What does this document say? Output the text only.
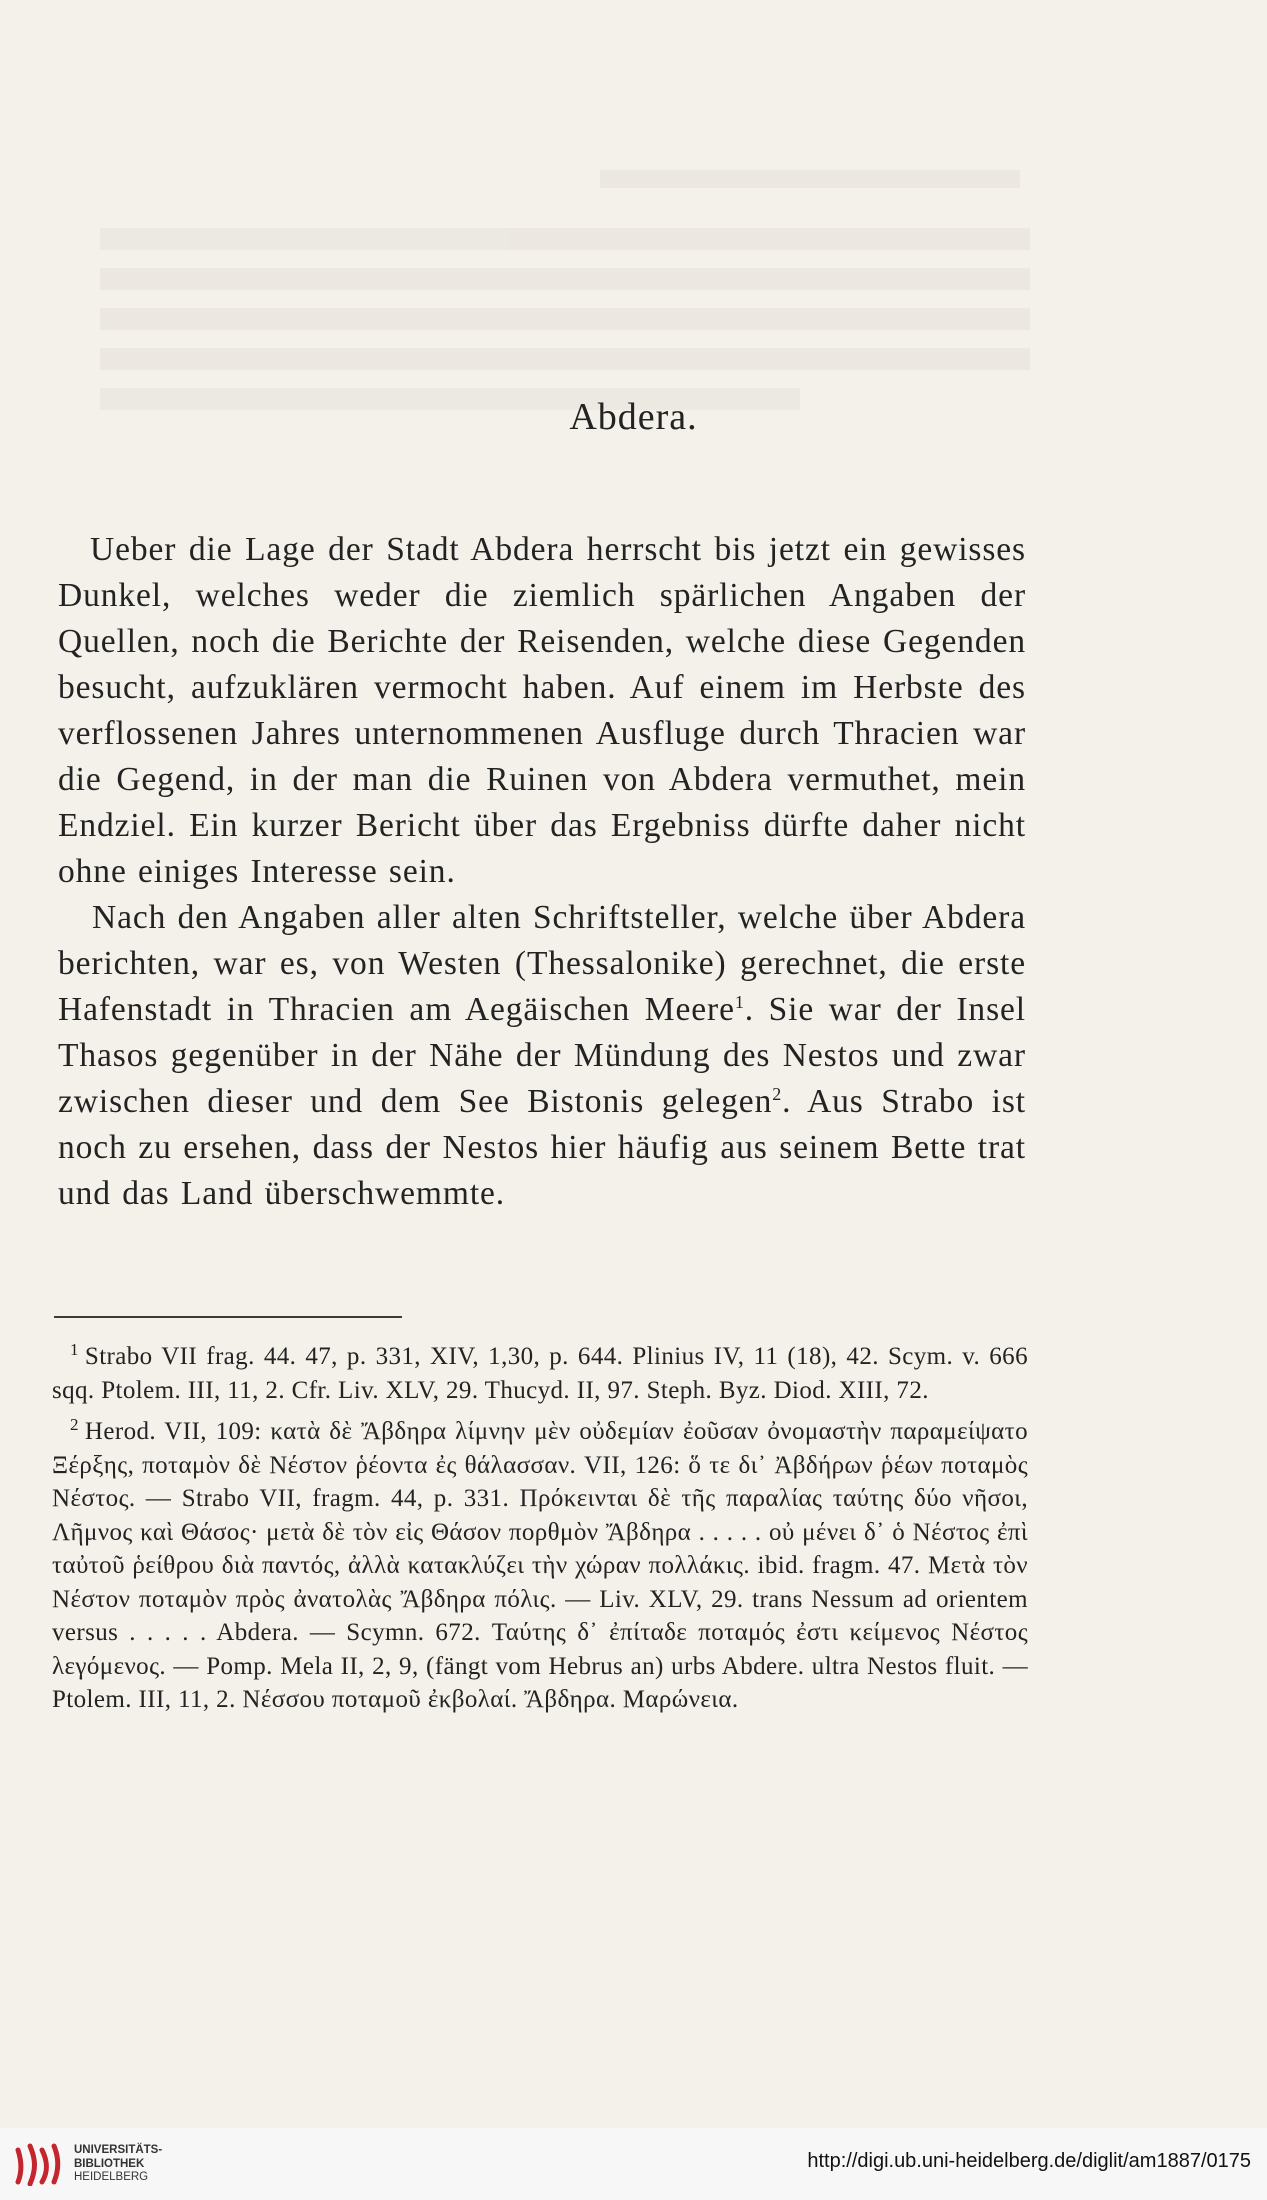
Abdera.

Ueber die Lage der Stadt Abdera herrscht bis jetzt ein gewisses Dunkel, welches weder die ziemlich spärlichen Angaben der Quellen, noch die Berichte der Reisenden, welche diese Gegenden besucht, aufzuklären vermocht haben. Auf einem im Herbste des verflossenen Jahres unternommenen Ausfluge durch Thracien war die Gegend, in der man die Ruinen von Abdera vermuthet, mein Endziel. Ein kurzer Bericht über das Ergebniss dürfte daher nicht ohne einiges Interesse sein.

Nach den Angaben aller alten Schriftsteller, welche über Abdera berichten, war es, von Westen (Thessalonike) gerechnet, die erste Hafenstadt in Thracien am Aegäischen Meere$^1$. Sie war der Insel Thasos gegenüber in der Nähe der Mündung des Nestos und zwar zwischen dieser und dem See Bistonis gelegen$^2$. Aus Strabo ist noch zu ersehen, dass der Nestos hier häufig aus seinem Bette trat und das Land überschwemmte.

$^1$ Strabo VII frag. 44. 47, p. 331, XIV, 1,30, p. 644. Plinius IV, 11 (18), 42. Scym. v. 666 sqq. Ptolem. III, 11, 2. Cfr. Liv. XLV, 29. Thucyd. II, 97. Steph. Byz. Diod. XIII, 72.

$^2$ Herod. VII, 109: κατὰ δὲ Ἄβδηρα λίμνην μὲν οὐδεμίαν ἐοῦσαν ὀνομαστὴν παραμείψατο Ξέρξης, ποταμὸν δὲ Νέστον ῥέοντα ἐς θάλασσαν. VII, 126: ὅ τε δι᾽ Ἀβδήρων ῥέων ποταμὸς Νέστος. — Strabo VII, fragm. 44, p. 331. Πρόκεινται δὲ τῆς παραλίας ταύτης δύο νῆσοι, Λῆμνος καὶ Θάσος· μετὰ δὲ τὸν εἰς Θάσον πορθμὸν Ἄβδηρα . . . . . οὐ μένει δ᾽ ὁ Νέστος ἐπὶ ταὐτοῦ ῥείθρου διὰ παντός, ἀλλὰ κατακλύζει τὴν χώραν πολλάκις. ibid. fragm. 47. Μετὰ τὸν Νέστον ποταμὸν πρὸς ἀνατολὰς Ἄβδηρα πόλις. — Liv. XLV, 29. trans Nessum ad orientem versus . . . . . Abdera. — Scymn. 672. Ταύτης δ᾽ ἐπίταδε ποταμός ἐστι κείμενος Νέστος λεγόμενος. — Pomp. Mela II, 2, 9, (fängt vom Hebrus an) urbs Abdere. ultra Nestos fluit. — Ptolem. III, 11, 2. Νέσσου ποταμοῦ ἐκβολαί. Ἄβδηρα. Μαρώνεια.

UNIVERSITÄTS-
BIBLIOTHEK
HEIDELBERG
http://digi.ub.uni-heidelberg.de/diglit/am1887/0175
